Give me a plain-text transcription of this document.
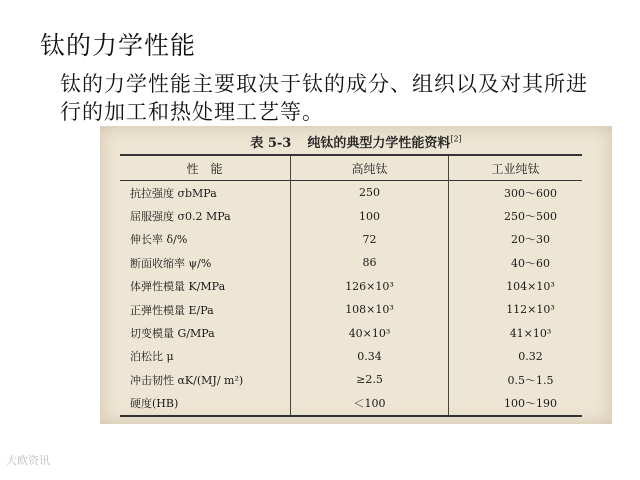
钛的力学性能
钛的力学性能主要取决于钛的成分、组织以及对其所进行的加工和热处理工艺等。
表 5-3 纯钛的典型力学性能资料[2]
性　能	高纯钛	工业纯钛
抗拉强度 σbMPa	250	300～600
屈服强度 σ0.2 MPa	100	250～500
伸长率 δ/%	72	20～30
断面收缩率 ψ/%	86	40～60
体弹性模量 K/MPa	126×10³	104×10³
正弹性模量 E/Pa	108×10³	112×10³
切变模量 G/MPa	40×10³	41×10³
泊松比 μ	0.34	0.32
冲击韧性 αK/(MJ/ m²)	≥2.5	0.5～1.5
硬度(HB)	＜100	100～190
大欧资讯
